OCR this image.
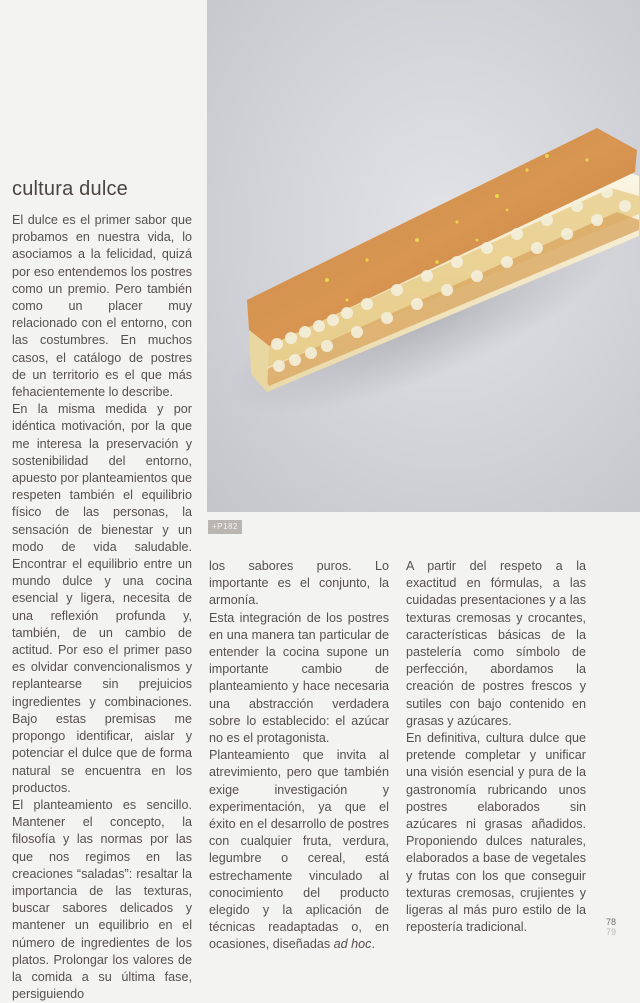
+P182
cultura dulce

El dulce es el primer sabor que probamos en nuestra vida, lo asociamos a la felicidad, quizá por eso entendemos los postres como un premio. Pero también como un placer muy relacionado con el entorno, con las costumbres. En muchos casos, el catálogo de postres de un territorio es el que más fehacientemente lo describe.

En la misma medida y por idéntica motivación, por la que me interesa la preservación y sostenibilidad del entorno, apuesto por planteamientos que respeten también el equilibrio físico de las personas, la sensación de bienestar y un modo de vida saludable. Encontrar el equilibrio entre un mundo dulce y una cocina esencial y ligera, necesita de una reflexión profunda y, también, de un cambio de actitud. Por eso el primer paso es olvidar convencionalismos y replantearse sin prejuicios ingredientes y combinaciones. Bajo estas premisas me propongo identificar, aislar y potenciar el dulce que de forma natural se encuentra en los productos.

El planteamiento es sencillo. Mantener el concepto, la filosofía y las normas por las que nos regimos en las creaciones “saladas”: resaltar la importancia de las texturas, buscar sabores delicados y mantener un equilibrio en el número de ingredientes de los platos. Prolongar los valores de la comida a su última fase, persiguiendo

los sabores puros. Lo importante es el conjunto, la armonía.

Esta integración de los postres en una manera tan particular de entender la cocina supone un importante cambio de planteamiento y hace necesaria una abstracción verdadera sobre lo establecido: el azúcar no es el protagonista.

Planteamiento que invita al atrevimiento, pero que también exige investigación y experimentación, ya que el éxito en el desarrollo de postres con cualquier fruta, verdura, legumbre o cereal, está estrechamente vinculado al conocimiento del producto elegido y la aplicación de técnicas readaptadas o, en ocasiones, diseñadas ad hoc.

A partir del respeto a la exactitud en fórmulas, a las cuidadas presentaciones y a las texturas cremosas y crocantes, características básicas de la pastelería como símbolo de perfección, abordamos la creación de postres frescos y sutiles con bajo contenido en grasas y azúcares.

En definitiva, cultura dulce que pretende completar y unificar una visión esencial y pura de la gastronomía rubricando unos postres elaborados sin azúcares ni grasas añadidos. Proponiendo dulces naturales, elaborados a base de vegetales y frutas con los que conseguir texturas cremosas, crujientes y ligeras al más puro estilo de la repostería tradicional.	78
79
